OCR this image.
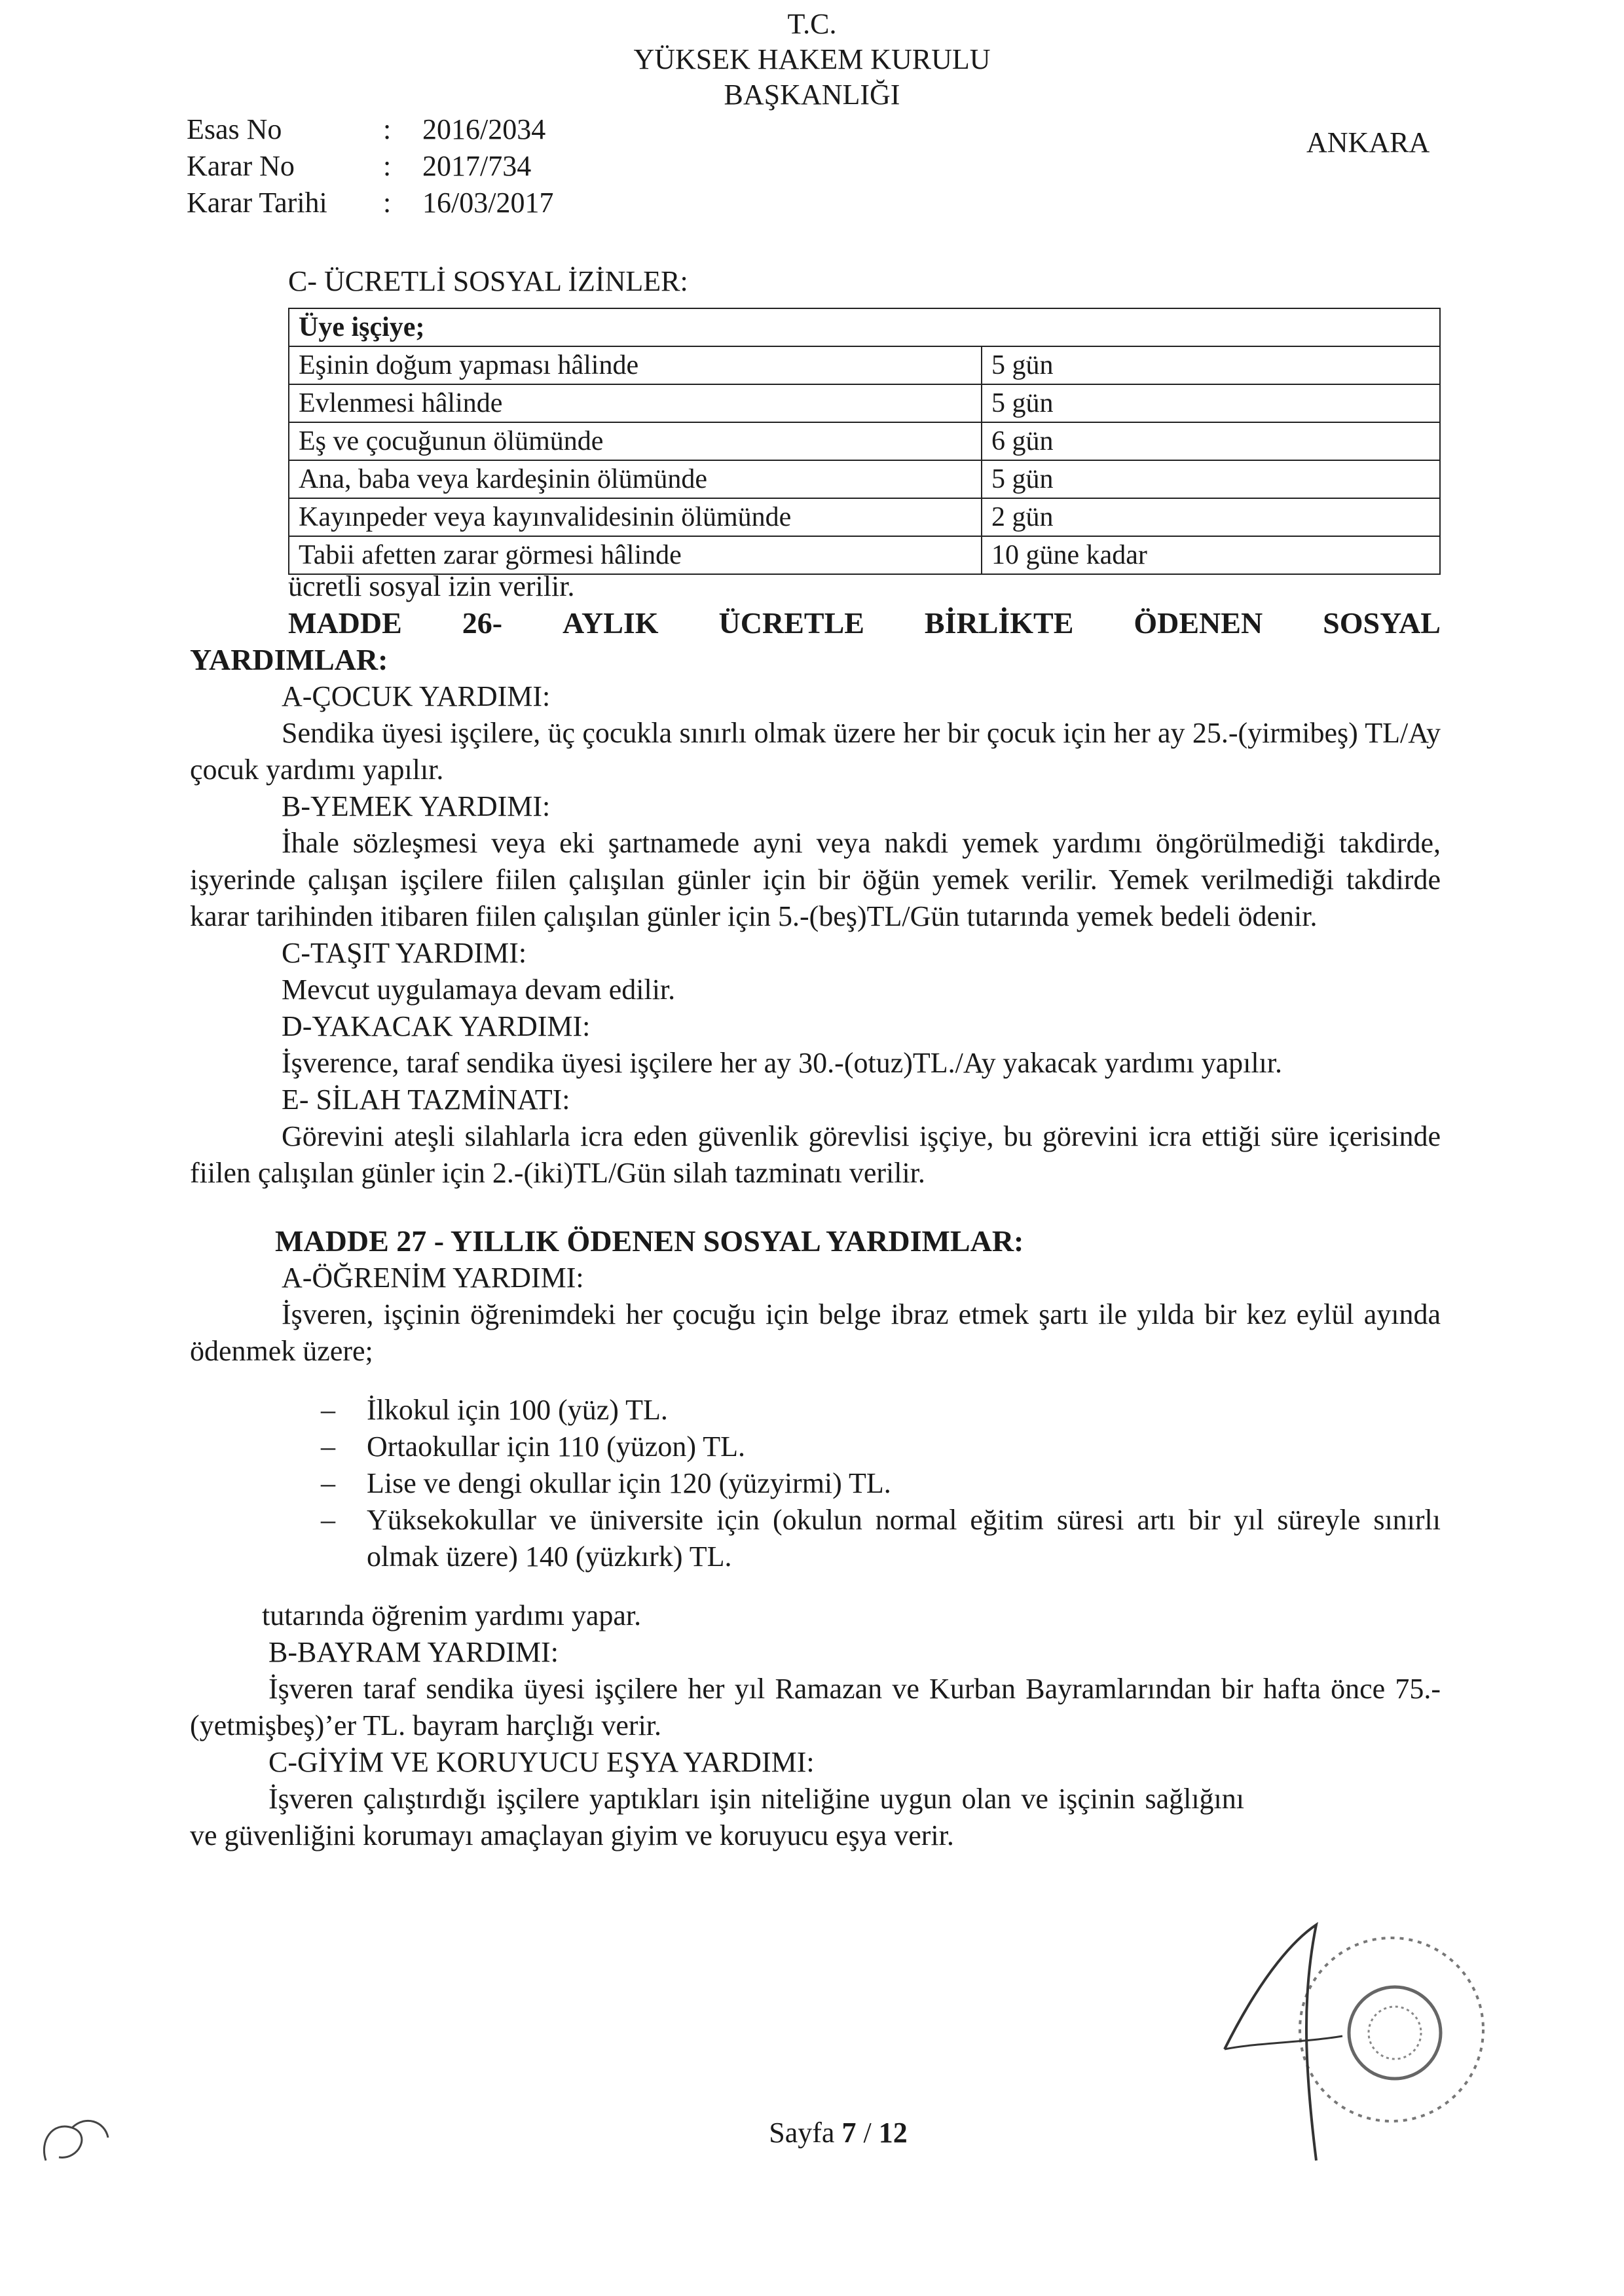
T.C.
YÜKSEK HAKEM KURULU
BAŞKANLIĞI
ANKARA
Esas No	: 2016/2034
Karar No	: 2017/734
Karar Tarihi : 16/03/2017
C- ÜCRETLİ SOSYAL İZİNLER:
Üye işçiye;	
Eşinin doğum yapması hâlinde	5 gün
Evlenmesi hâlinde	5 gün
Eş ve çocuğunun ölümünde	6 gün
Ana, baba veya kardeşinin ölümünde	5 gün
Kayınpeder veya kayınvalidesinin ölümünde	2 gün
Tabii afetten zarar görmesi hâlinde	10 güne kadar
ücretli sosyal izin verilir.
MADDE 26- AYLIK ÜCRETLE BİRLİKTE ÖDENEN SOSYAL
YARDIMLAR:
A-ÇOCUK YARDIMI:
Sendika üyesi işçilere, üç çocukla sınırlı olmak üzere her bir çocuk için her ay 25.-(yirmibeş) TL/Ay çocuk yardımı yapılır.
B-YEMEK YARDIMI:
İhale sözleşmesi veya eki şartnamede ayni veya nakdi yemek yardımı öngörülmediği takdirde, işyerinde çalışan işçilere fiilen çalışılan günler için bir öğün yemek verilir. Yemek verilmediği takdirde karar tarihinden itibaren fiilen çalışılan günler için 5.-(beş)TL/Gün tutarında yemek bedeli ödenir.
C-TAŞIT YARDIMI:
Mevcut uygulamaya devam edilir.
D-YAKACAK YARDIMI:
İşverence, taraf sendika üyesi işçilere her ay 30.-(otuz)TL./Ay yakacak yardımı yapılır.
E- SİLAH TAZMİNATI:
Görevini ateşli silahlarla icra eden güvenlik görevlisi işçiye, bu görevini icra ettiği süre içerisinde fiilen çalışılan günler için 2.-(iki)TL/Gün silah tazminatı verilir.
MADDE 27 - YILLIK ÖDENEN SOSYAL YARDIMLAR:
A-ÖĞRENİM YARDIMI:
İşveren, işçinin öğrenimdeki her çocuğu için belge ibraz etmek şartı ile yılda bir kez eylül ayında ödenmek üzere;
– İlkokul için 100 (yüz) TL.
– Ortaokullar için 110 (yüzon) TL.
– Lise ve dengi okullar için 120 (yüzyirmi) TL.
– Yüksekokullar ve üniversite için (okulun normal eğitim süresi artı bir yıl süreyle sınırlı olmak üzere) 140 (yüzkırk) TL.
tutarında öğrenim yardımı yapar.
B-BAYRAM YARDIMI:
İşveren taraf sendika üyesi işçilere her yıl Ramazan ve Kurban Bayramlarından bir hafta önce 75.-(yetmişbeş)’er TL. bayram harçlığı verir.
C-GİYİM VE KORUYUCU EŞYA YARDIMI:
İşveren çalıştırdığı işçilere yaptıkları işin niteliğine uygun olan ve işçinin sağlığını ve güvenliğini korumayı amaçlayan giyim ve koruyucu eşya verir.
Sayfa 7 / 12
